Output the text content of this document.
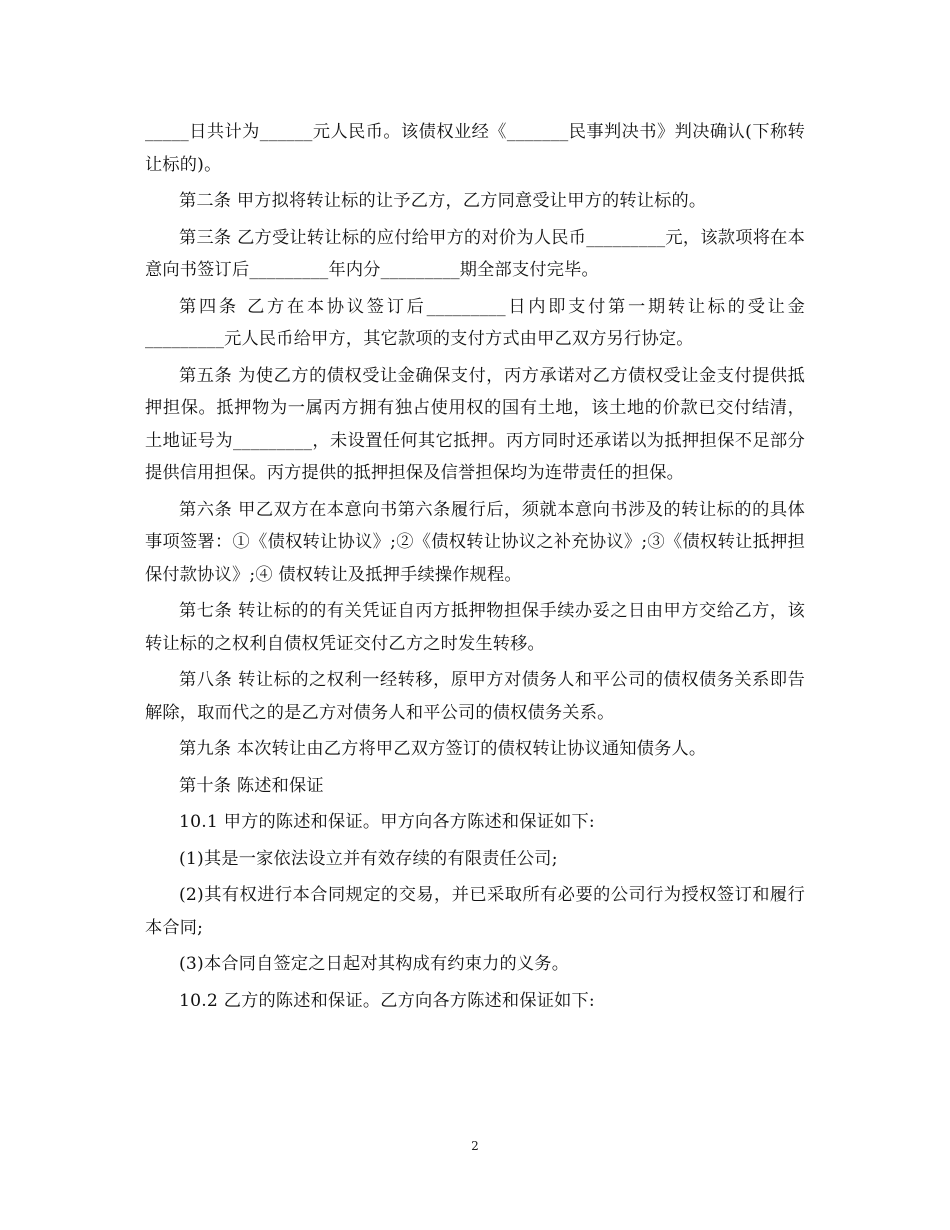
_____日共计为______元人民币。该债权业经《_______民事判决书》判决确认(下称转让标的)。

第二条 甲方拟将转让标的让予乙方，乙方同意受让甲方的转让标的。

第三条 乙方受让转让标的应付给甲方的对价为人民币_________元，该款项将在本意向书签订后_________年内分_________期全部支付完毕。

第四条 乙方在本协议签订后_________日内即支付第一期转让标的受让金_________元人民币给甲方，其它款项的支付方式由甲乙双方另行协定。

第五条 为使乙方的债权受让金确保支付，丙方承诺对乙方债权受让金支付提供抵押担保。抵押物为一属丙方拥有独占使用权的国有土地，该土地的价款已交付结清，土地证号为_________，未设置任何其它抵押。丙方同时还承诺以为抵押担保不足部分提供信用担保。丙方提供的抵押担保及信誉担保均为连带责任的担保。

第六条 甲乙双方在本意向书第六条履行后，须就本意向书涉及的转让标的的具体事项签署：①《债权转让协议》;②《债权转让协议之补充协议》;③《债权转让抵押担保付款协议》;④ 债权转让及抵押手续操作规程。

第七条 转让标的的有关凭证自丙方抵押物担保手续办妥之日由甲方交给乙方，该转让标的之权利自债权凭证交付乙方之时发生转移。

第八条 转让标的之权利一经转移，原甲方对债务人和平公司的债权债务关系即告解除，取而代之的是乙方对债务人和平公司的债权债务关系。

第九条 本次转让由乙方将甲乙双方签订的债权转让协议通知债务人。

第十条 陈述和保证

10.1 甲方的陈述和保证。甲方向各方陈述和保证如下:

(1)其是一家依法设立并有效存续的有限责任公司;

(2)其有权进行本合同规定的交易，并已采取所有必要的公司行为授权签订和履行本合同;

(3)本合同自签定之日起对其构成有约束力的义务。

10.2 乙方的陈述和保证。乙方向各方陈述和保证如下:

2
